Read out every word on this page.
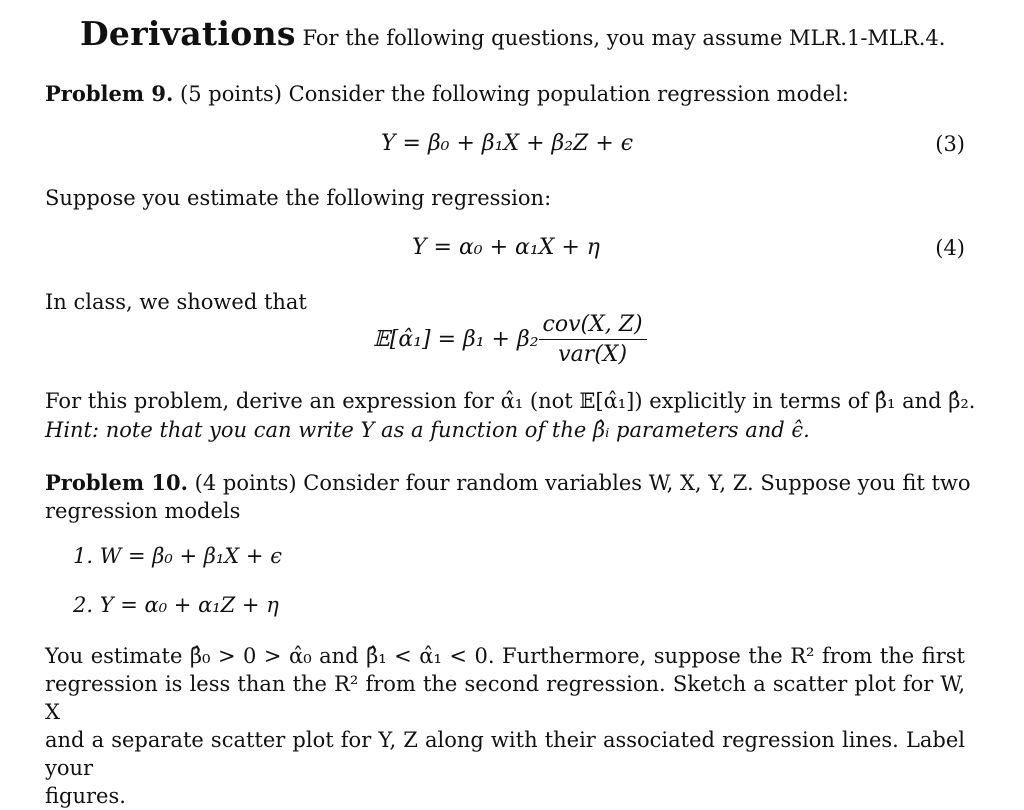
Derivations For the following questions, you may assume MLR.1-MLR.4.
Problem 9. (5 points) Consider the following population regression model:
Y = β₀ + β₁X + β₂Z + ϵ	(3)
Suppose you estimate the following regression:
Y = α₀ + α₁X + η	(4)
In class, we showed that
𝔼[α̂₁] = $\beta_1 + \beta_2 \frac{\text{cov(X, Z)}}{\text{var(X)}}$
For this problem, derive an expression for α̂₁ (not 𝔼[α̂₁]) explicitly in terms of β̂₁ and β̂₂.
Hint: note that you can write Y as a function of the β̂ᵢ parameters and ϵ̂.
Problem 10. (4 points) Consider four random variables W, X, Y, Z. Suppose you fit two
regression models
1. W = β₀ + β₁X + ϵ
2. Y = α₀ + α₁Z + η
You estimate β̂₀ > 0 > α̂₀ and β̂₁ < α̂₁ < 0. Furthermore, suppose the R² from the first
regression is less than the R² from the second regression. Sketch a scatter plot for W, X
and a separate scatter plot for Y, Z along with their associated regression lines. Label your
figures.
